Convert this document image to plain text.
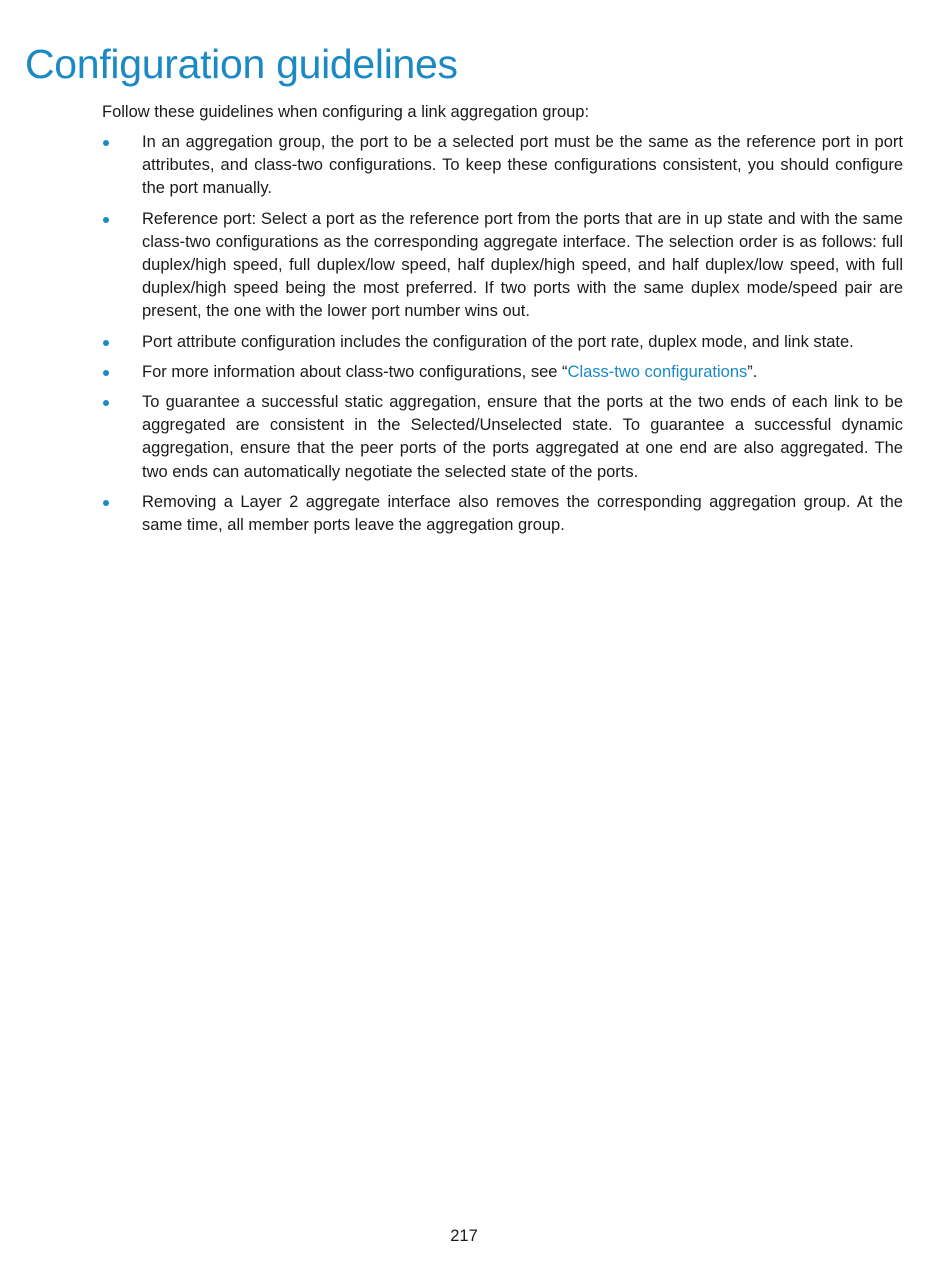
Configuration guidelines

Follow these guidelines when configuring a link aggregation group:

In an aggregation group, the port to be a selected port must be the same as the reference port in port attributes, and class-two configurations. To keep these configurations consistent, you should configure the port manually.
Reference port: Select a port as the reference port from the ports that are in up state and with the same class-two configurations as the corresponding aggregate interface. The selection order is as follows: full duplex/high speed, full duplex/low speed, half duplex/high speed, and half duplex/low speed, with full duplex/high speed being the most preferred. If two ports with the same duplex mode/speed pair are present, the one with the lower port number wins out.
Port attribute configuration includes the configuration of the port rate, duplex mode, and link state.
For more information about class-two configurations, see “Class-two configurations”.
To guarantee a successful static aggregation, ensure that the ports at the two ends of each link to be aggregated are consistent in the Selected/Unselected state. To guarantee a successful dynamic aggregation, ensure that the peer ports of the ports aggregated at one end are also aggregated. The two ends can automatically negotiate the selected state of the ports.
Removing a Layer 2 aggregate interface also removes the corresponding aggregation group. At the same time, all member ports leave the aggregation group.
217
